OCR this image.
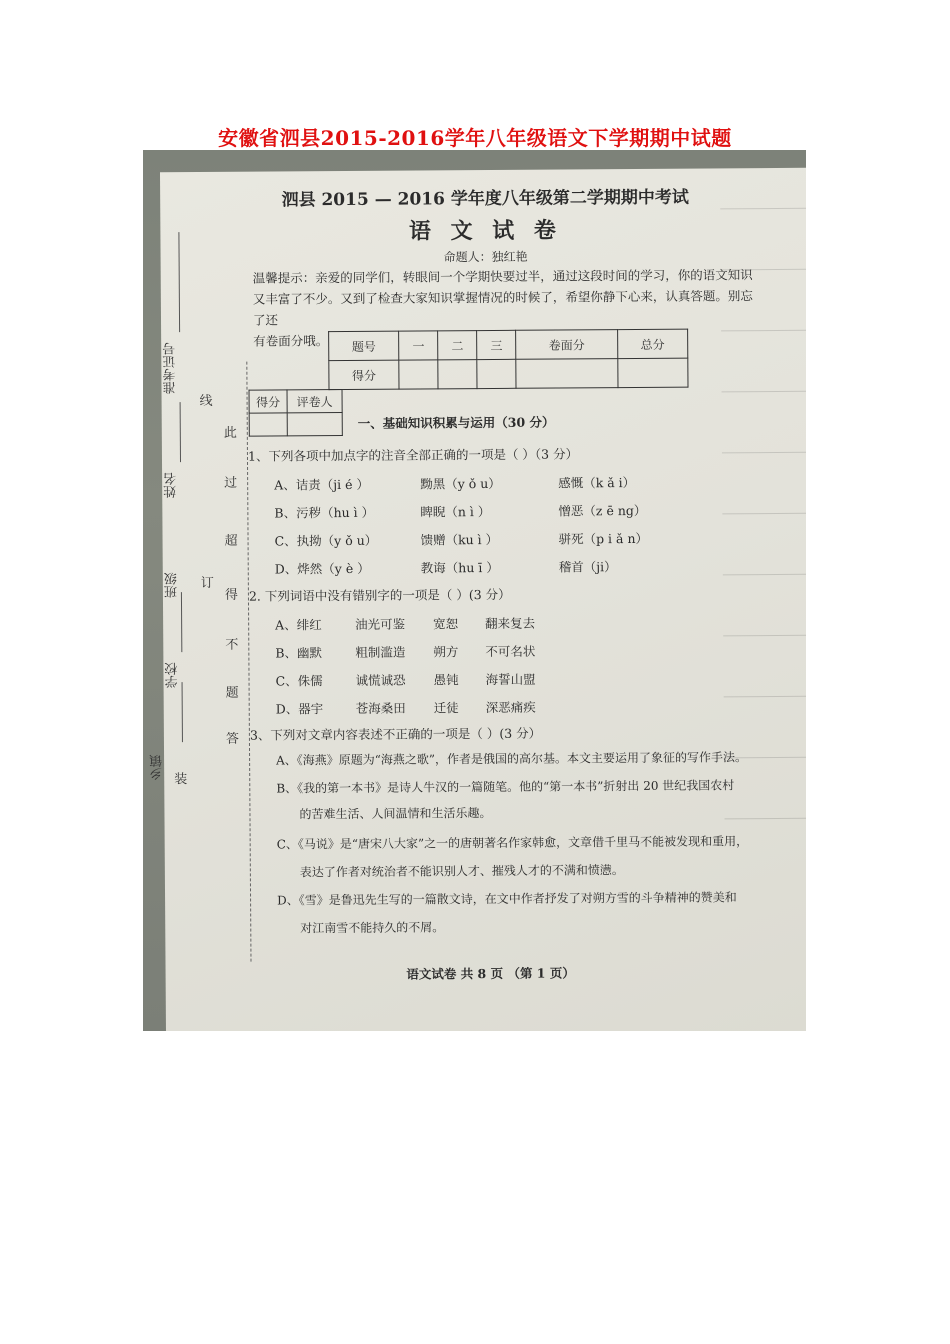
安徽省泗县2015-2016学年八年级语文下学期期中试题
泗县 2015 — 2016 学年度八年级第二学期期中考试
语 文 试 卷
命题人：独红艳
温馨提示：亲爱的同学们，转眼间一个学期快要过半，通过这段时间的学习，你的语文知识
又丰富了不少。又到了检查大家知识掌握情况的时候了，希望你静下心来，认真答题。别忘了还
有卷面分哦。	题号	一	二	三	卷面分	总分
得分					
得分	评卷人

一、基础知识积累与运用（30 分）
1、下列各项中加点字的注音全部正确的一项是（ ）（3 分）
A、诘责（ji é ）	黝黑（y ǒ u）	感慨（k ǎ i）
B、污秽（hu ì ）	睥睨（n ì ）	憎恶（z ē ng）
C、执拗（y ǒ u）	馈赠（ku ì ）	骈死（p i ǎ n）
D、烨然（y è ）	教诲（hu ī ）	稽首（ji）
2. 下列词语中没有错别字的一项是（ ）(3 分）
A、绯红	油光可鉴 宽恕 翻来复去
B、幽默	粗制滥造 朔方 不可名状
C、侏儒	诚慌诚恐 愚钝 海誓山盟
D、器宇	苍海桑田 迁徒 深恶痛疾
3、下列对文章内容表述不正确的一项是（ ）(3 分）
A、《海燕》原题为“海燕之歌”，作者是俄国的高尔基。本文主要运用了象征的写作手法。
B、《我的第一本书》是诗人牛汉的一篇随笔。他的“第一本书”折射出 20 世纪我国农村
的苦难生活、人间温情和生活乐趣。
C、《马说》是“唐宋八大家”之一的唐朝著名作家韩愈，文章借千里马不能被发现和重用，
表达了作者对统治者不能识别人才、摧残人才的不满和愤懑。
D、《雪》是鲁迅先生写的一篇散文诗，在文中作者抒发了对朔方雪的斗争精神的赞美和
对江南雪不能持久的不屑。
语文试卷 共 8 页 （第 1 页）
准考证号
姓名
班级
学校
乡镇
线
此
过
超
得
不
题
答
订
装
